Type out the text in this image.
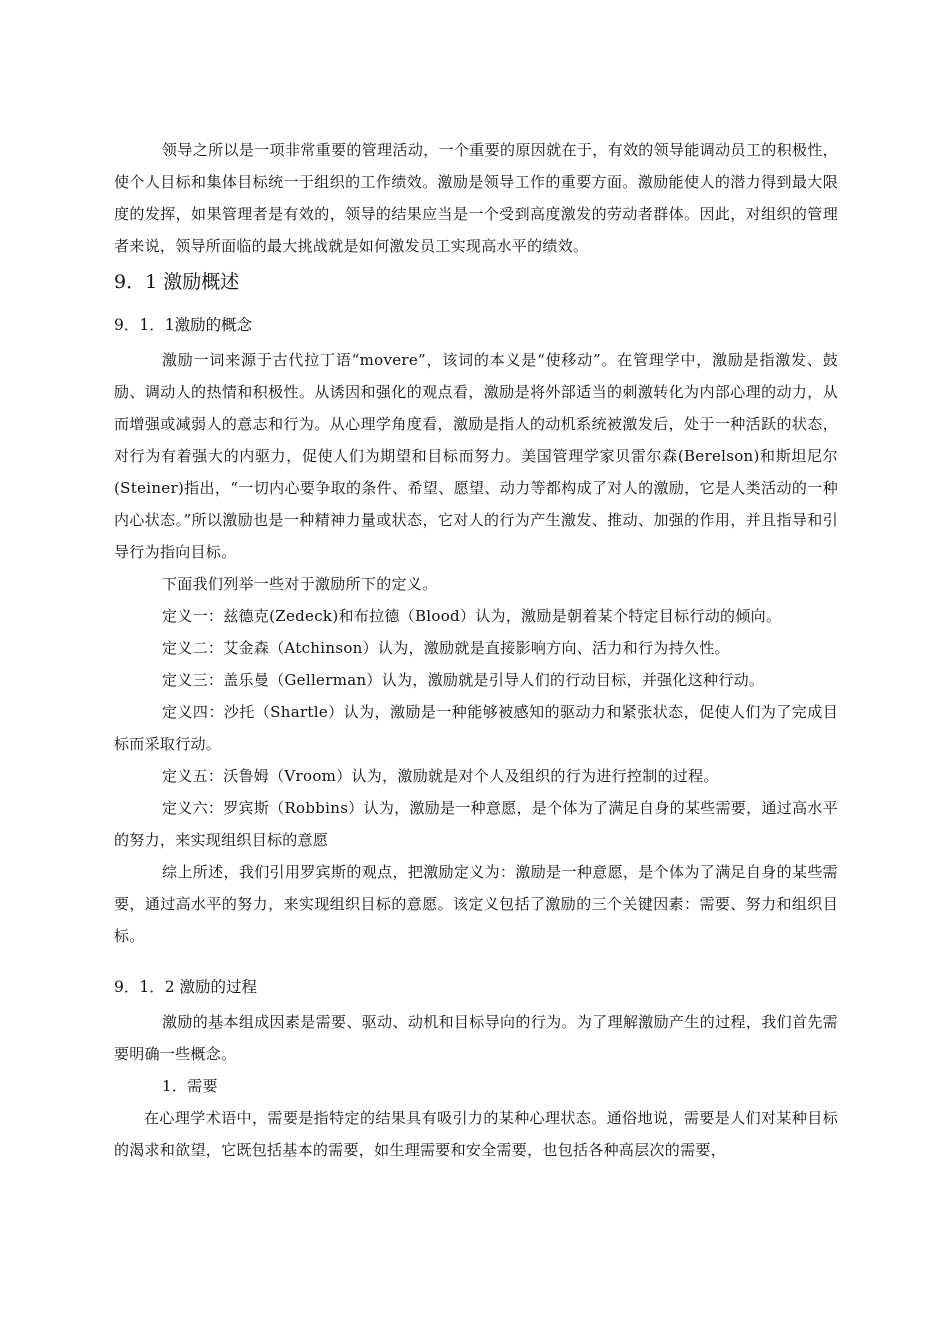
领导之所以是一项非常重要的管理活动，一个重要的原因就在于，有效的领导能调动员工的积极性，使个人目标和集体目标统一于组织的工作绩效。激励是领导工作的重要方面。激励能使人的潜力得到最大限度的发挥，如果管理者是有效的，领导的结果应当是一个受到高度激发的劳动者群体。因此，对组织的管理者来说，领导所面临的最大挑战就是如何激发员工实现高水平的绩效。

9．1 激励概述
9．1．1激励的概念

激励一词来源于古代拉丁语“movere”，该词的本义是“使移动”。在管理学中，激励是指激发、鼓励、调动人的热情和积极性。从诱因和强化的观点看，激励是将外部适当的刺激转化为内部心理的动力，从而增强或减弱人的意志和行为。从心理学角度看，激励是指人的动机系统被激发后，处于一种活跃的状态，对行为有着强大的内驱力，促使人们为期望和目标而努力。美国管理学家贝雷尔森(Berelson)和斯坦尼尔 (Steiner)指出，“一切内心要争取的条件、希望、愿望、动力等都构成了对人的激励，它是人类活动的一种内心状态。”所以激励也是一种精神力量或状态，它对人的行为产生激发、推动、加强的作用，并且指导和引导行为指向目标。

下面我们列举一些对于激励所下的定义。

定义一：兹德克(Zedeck)和布拉德（Blood）认为，激励是朝着某个特定目标行动的倾向。

定义二：艾金森（Atchinson）认为，激励就是直接影响方向、活力和行为持久性。

定义三：盖乐曼（Gellerman）认为，激励就是引导人们的行动目标，并强化这种行动。

定义四：沙托（Shartle）认为，激励是一种能够被感知的驱动力和紧张状态，促使人们为了完成目标而采取行动。

定义五：沃鲁姆（Vroom）认为，激励就是对个人及组织的行为进行控制的过程。

定义六：罗宾斯（Robbins）认为，激励是一种意愿，是个体为了满足自身的某些需要，通过高水平的努力，来实现组织目标的意愿

综上所述，我们引用罗宾斯的观点，把激励定义为：激励是一种意愿，是个体为了满足自身的某些需要，通过高水平的努力，来实现组织目标的意愿。该定义包括了激励的三个关键因素：需要、努力和组织目标。

9．1．2 激励的过程

激励的基本组成因素是需要、驱动、动机和目标导向的行为。为了理解激励产生的过程，我们首先需要明确一些概念。

1．需要

在心理学术语中，需要是指特定的结果具有吸引力的某种心理状态。通俗地说，需要是人们对某种目标的渴求和欲望，它既包括基本的需要，如生理需要和安全需要，也包括各种高层次的需要，
